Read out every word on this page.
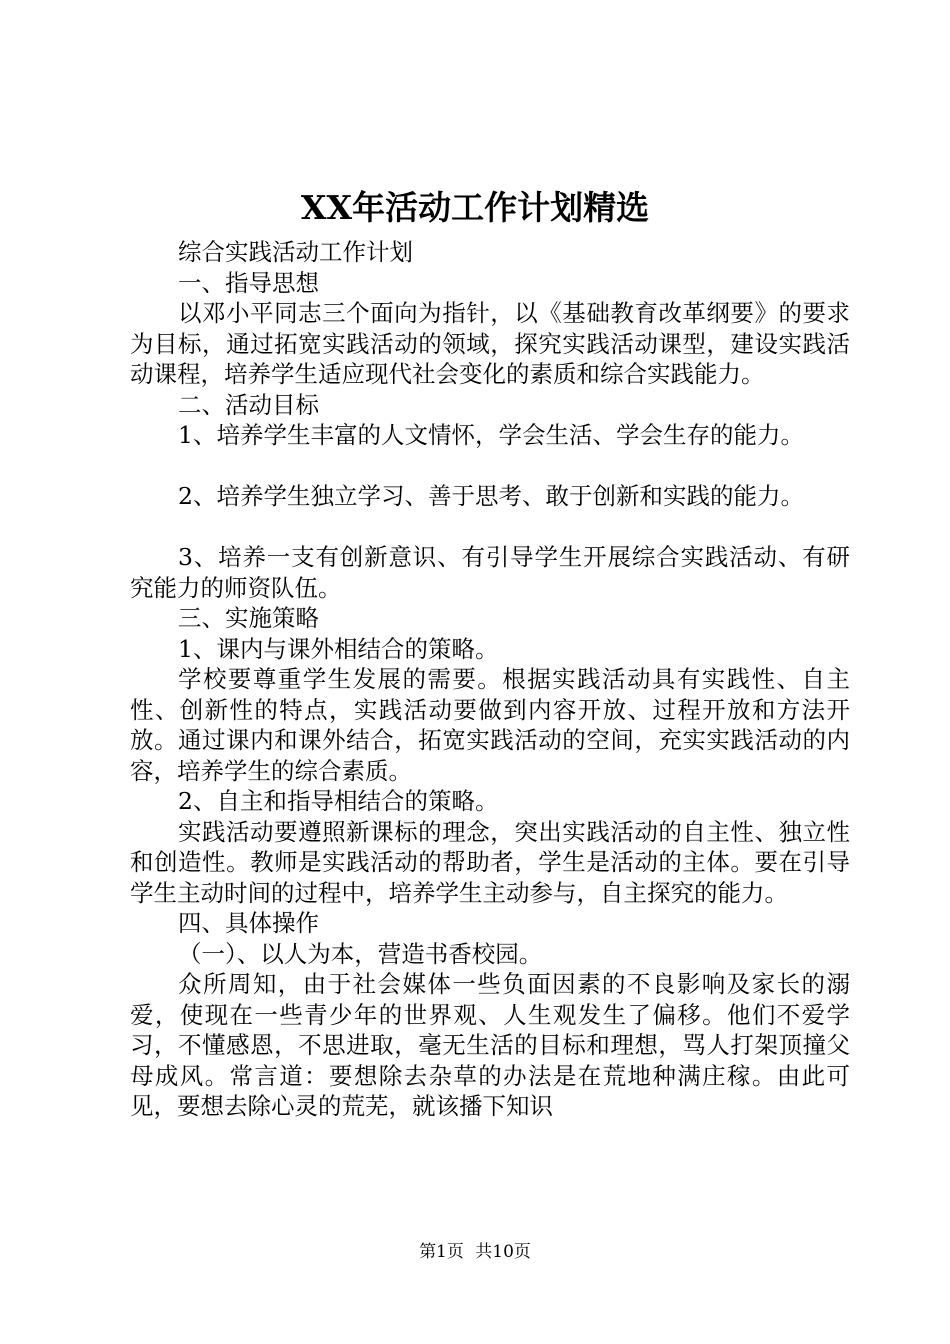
XX年活动工作计划精选

综合实践活动工作计划

一、指导思想

以邓小平同志三个面向为指针，以《基础教育改革纲要》的要求为目标，通过拓宽实践活动的领域，探究实践活动课型，建设实践活动课程，培养学生适应现代社会变化的素质和综合实践能力。

二、活动目标

1、培养学生丰富的人文情怀，学会生活、学会生存的能力。

2、培养学生独立学习、善于思考、敢于创新和实践的能力。

3、培养一支有创新意识、有引导学生开展综合实践活动、有研究能力的师资队伍。

三、实施策略

1、课内与课外相结合的策略。

学校要尊重学生发展的需要。根据实践活动具有实践性、自主性、创新性的特点，实践活动要做到内容开放、过程开放和方法开放。通过课内和课外结合，拓宽实践活动的空间，充实实践活动的内容，培养学生的综合素质。

2、自主和指导相结合的策略。

实践活动要遵照新课标的理念，突出实践活动的自主性、独立性和创造性。教师是实践活动的帮助者，学生是活动的主体。要在引导学生主动时间的过程中，培养学生主动参与，自主探究的能力。

四、具体操作

（一）、以人为本，营造书香校园。

众所周知，由于社会媒体一些负面因素的不良影响及家长的溺爱，使现在一些青少年的世界观、人生观发生了偏移。他们不爱学习，不懂感恩，不思进取，毫无生活的目标和理想，骂人打架顶撞父母成风。常言道：要想除去杂草的办法是在荒地种满庄稼。由此可见，要想去除心灵的荒芜，就该播下知识

第1页 共10页
